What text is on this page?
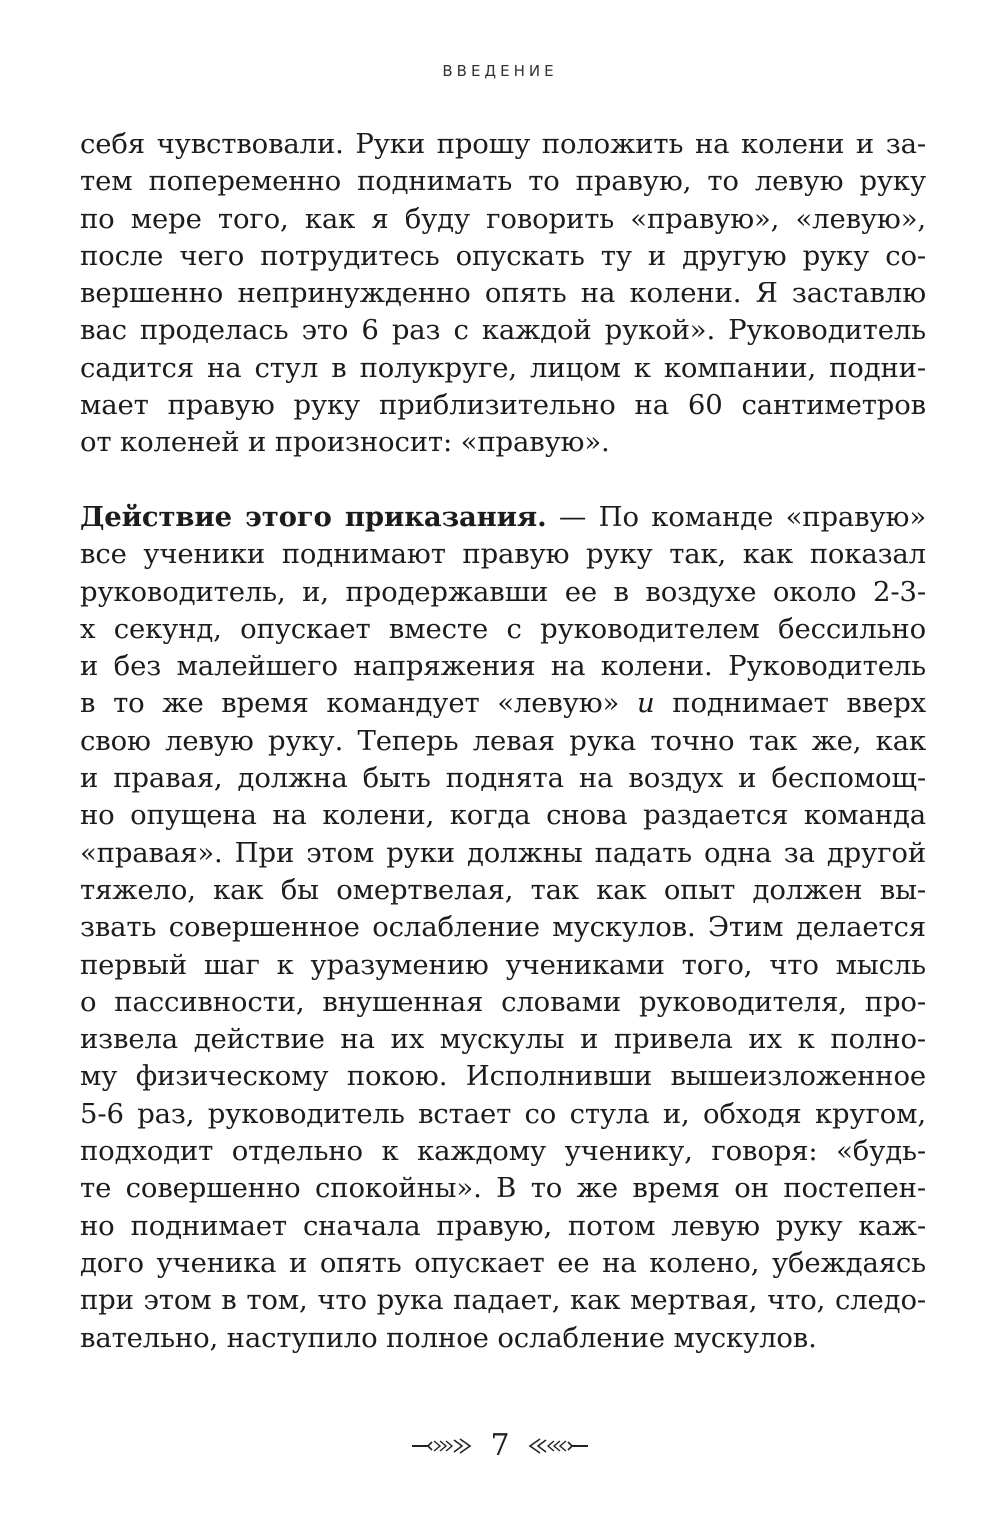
ВВЕДЕНИЕ
себя чувствовали. Руки прошу положить на колени и за-
тем попеременно поднимать то правую, то левую руку
по мере того, как я буду говорить «правую», «левую»,
после чего потрудитесь опускать ту и другую руку со-
вершенно непринужденно опять на колени. Я заставлю
вас проделась это 6 раз с каждой рукой». Руководитель
садится на стул в полукруге, лицом к компании, подни-
мает правую руку приблизительно на 60 сантиметров
от коленей и произносит: «правую».
Действие этого приказания. — По команде «правую»
все ученики поднимают правую руку так, как показал
руководитель, и, продержавши ее в воздухе около 2-3-
х секунд, опускает вместе с руководителем бессильно
и без малейшего напряжения на колени. Руководитель
в то же время командует «левую» и поднимает вверх
свою левую руку. Теперь левая рука точно так же, как
и правая, должна быть поднята на воздух и беспомощ-
но опущена на колени, когда снова раздается команда
«правая». При этом руки должны падать одна за другой
тяжело, как бы омертвелая, так как опыт должен вы-
звать совершенное ослабление мускулов. Этим делается
первый шаг к уразумению учениками того, что мысль
о пассивности, внушенная словами руководителя, про-
извела действие на их мускулы и привела их к полно-
му физическому покою. Исполнивши вышеизложенное
5-6 раз, руководитель встает со стула и, обходя кругом,
подходит отдельно к каждому ученику, говоря: «будь-
те совершенно спокойны». В то же время он постепен-
но поднимает сначала правую, потом левую руку каж-
дого ученика и опять опускает ее на колено, убеждаясь
при этом в том, что рука падает, как мертвая, что, следо-
вательно, наступило полное ослабление мускулов.
7
